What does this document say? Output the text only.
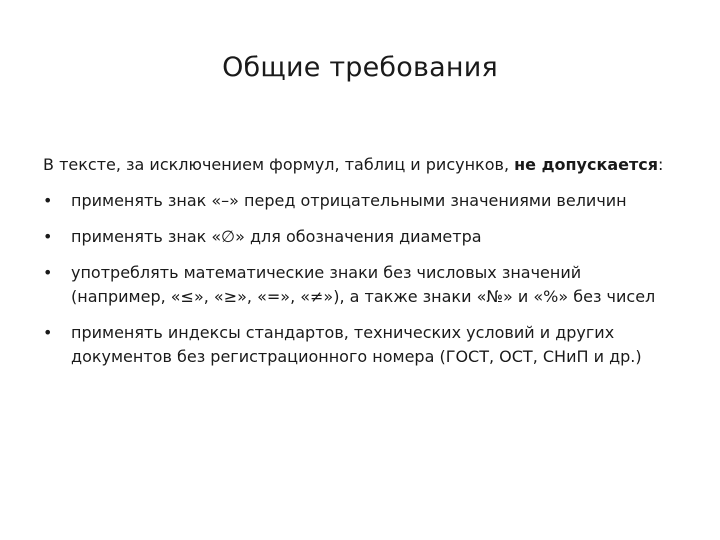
Общие требования

В тексте, за исключением формул, таблиц и рисунков, не допускается:

• применять знак «–» перед отрицательными значениями величин
• применять знак «∅» для обозначения диаметра
• употреблять математические знаки без числовых значений
(например, «≤», «≥», «=», «≠»), а также знаки «№» и «%» без чисел
• применять индексы стандартов, технических условий и других
документов без регистрационного номера (ГОСТ, ОСТ, СНиП и др.)
